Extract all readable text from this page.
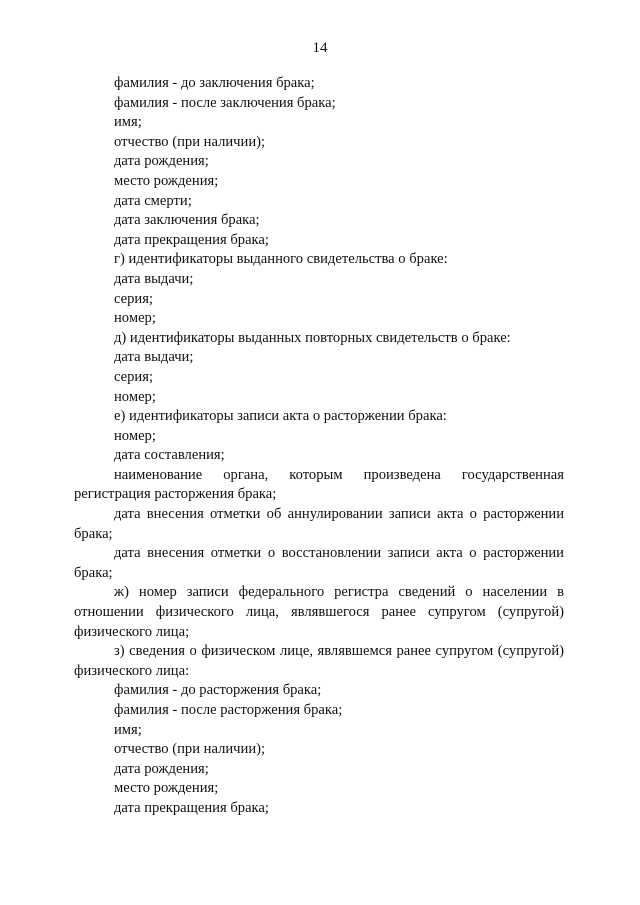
14

фамилия - до заключения брака;

фамилия - после заключения брака;

имя;

отчество (при наличии);

дата рождения;

место рождения;

дата смерти;

дата заключения брака;

дата прекращения брака;

г) идентификаторы выданного свидетельства о браке:

дата выдачи;

серия;

номер;

д) идентификаторы выданных повторных свидетельств о браке:

дата выдачи;

серия;

номер;

е) идентификаторы записи акта о расторжении брака:

номер;

дата составления;

наименование органа, которым произведена государственная регистрация расторжения брака;

дата внесения отметки об аннулировании записи акта о расторжении брака;

дата внесения отметки о восстановлении записи акта о расторжении брака;

ж) номер записи федерального регистра сведений о населении в отношении физического лица, являвшегося ранее супругом (супругой) физического лица;

з) сведения о физическом лице, являвшемся ранее супругом (супругой) физического лица:

фамилия - до расторжения брака;

фамилия - после расторжения брака;

имя;

отчество (при наличии);

дата рождения;

место рождения;

дата прекращения брака;
